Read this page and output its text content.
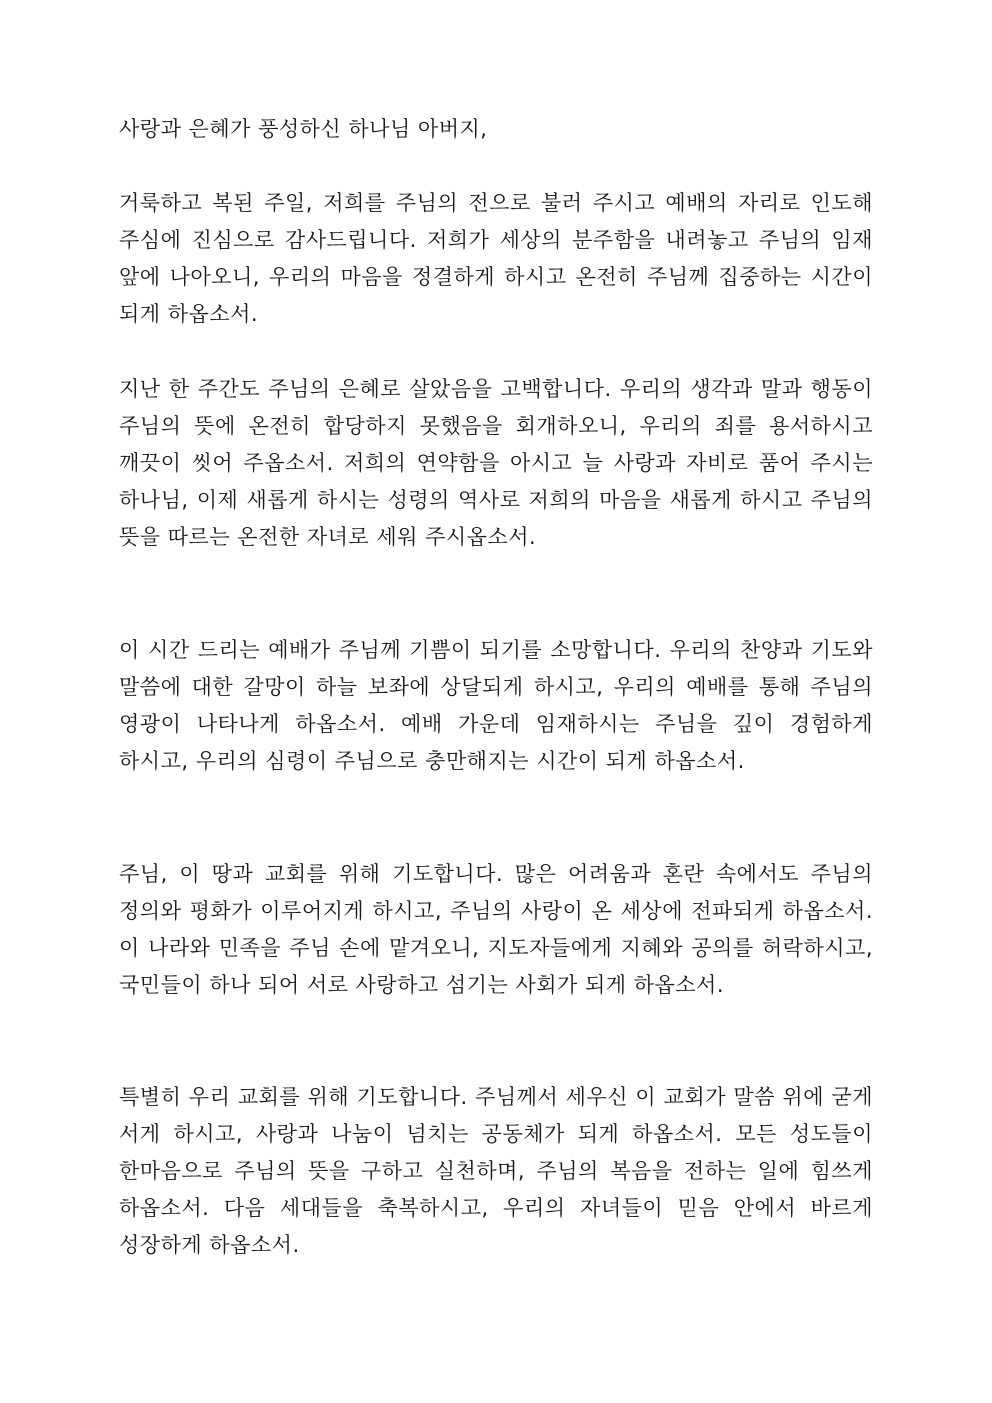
사랑과 은혜가 풍성하신 하나님 아버지,

거룩하고 복된 주일, 저희를 주님의 전으로 불러 주시고 예배의 자리로 인도해 주심에 진심으로 감사드립니다. 저희가 세상의 분주함을 내려놓고 주님의 임재 앞에 나아오니, 우리의 마음을 정결하게 하시고 온전히 주님께 집중하는 시간이 되게 하옵소서.

지난 한 주간도 주님의 은혜로 살았음을 고백합니다. 우리의 생각과 말과 행동이 주님의 뜻에 온전히 합당하지 못했음을 회개하오니, 우리의 죄를 용서하시고 깨끗이 씻어 주옵소서. 저희의 연약함을 아시고 늘 사랑과 자비로 품어 주시는 하나님, 이제 새롭게 하시는 성령의 역사로 저희의 마음을 새롭게 하시고 주님의 뜻을 따르는 온전한 자녀로 세워 주시옵소서.

이 시간 드리는 예배가 주님께 기쁨이 되기를 소망합니다. 우리의 찬양과 기도와 말씀에 대한 갈망이 하늘 보좌에 상달되게 하시고, 우리의 예배를 통해 주님의 영광이 나타나게 하옵소서. 예배 가운데 임재하시는 주님을 깊이 경험하게 하시고, 우리의 심령이 주님으로 충만해지는 시간이 되게 하옵소서.

주님, 이 땅과 교회를 위해 기도합니다. 많은 어려움과 혼란 속에서도 주님의 정의와 평화가 이루어지게 하시고, 주님의 사랑이 온 세상에 전파되게 하옵소서. 이 나라와 민족을 주님 손에 맡겨오니, 지도자들에게 지혜와 공의를 허락하시고, 국민들이 하나 되어 서로 사랑하고 섬기는 사회가 되게 하옵소서.

특별히 우리 교회를 위해 기도합니다. 주님께서 세우신 이 교회가 말씀 위에 굳게 서게 하시고, 사랑과 나눔이 넘치는 공동체가 되게 하옵소서. 모든 성도들이 한마음으로 주님의 뜻을 구하고 실천하며, 주님의 복음을 전하는 일에 힘쓰게 하옵소서. 다음 세대들을 축복하시고, 우리의 자녀들이 믿음 안에서 바르게 성장하게 하옵소서.
